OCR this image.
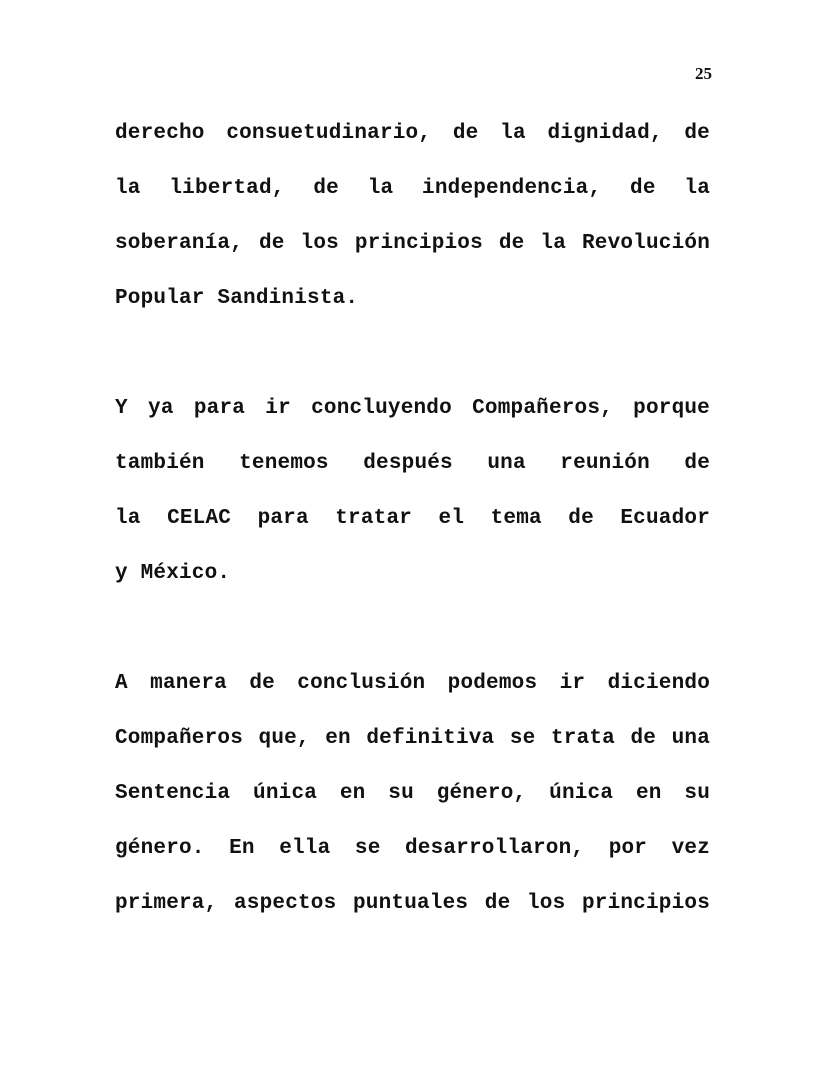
25
derecho consuetudinario, de la dignidad, de
la libertad, de la independencia, de la
soberanía, de los principios de la Revolución
Popular Sandinista.
Y ya para ir concluyendo Compañeros, porque
también tenemos después una reunión de
la CELAC para tratar el tema de Ecuador
y México.
A manera de conclusión podemos ir diciendo
Compañeros que, en definitiva se trata de una
Sentencia única en su género, única en su
género. En ella se desarrollaron, por vez
primera, aspectos puntuales de los principios
